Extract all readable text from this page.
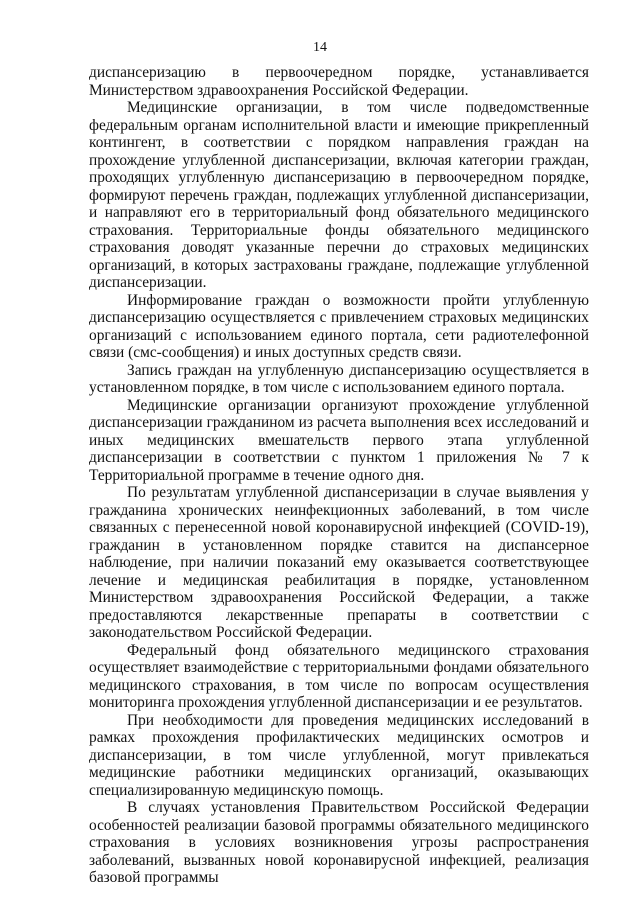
14

диспансеризацию в первоочередном порядке, устанавливается Министерством здравоохранения Российской Федерации.

Медицинские организации, в том числе подведомственные федеральным органам исполнительной власти и имеющие прикрепленный контингент, в соответствии с порядком направления граждан на прохождение углубленной диспансеризации, включая категории граждан, проходящих углубленную диспансеризацию в первоочередном порядке, формируют перечень граждан, подлежащих углубленной диспансеризации, и направляют его в территориальный фонд обязательного медицинского страхования. Территориальные фонды обязательного медицинского страхования доводят указанные перечни до страховых медицинских организаций, в которых застрахованы граждане, подлежащие углубленной диспансеризации.

Информирование граждан о возможности пройти углубленную диспансеризацию осуществляется с привлечением страховых медицинских организаций с использованием единого портала, сети радиотелефонной связи (смс-сообщения) и иных доступных средств связи.

Запись граждан на углубленную диспансеризацию осуществляется в установленном порядке, в том числе с использованием единого портала.

Медицинские организации организуют прохождение углубленной диспансеризации гражданином из расчета выполнения всех исследований и иных медицинских вмешательств первого этапа углубленной диспансеризации в соответствии с пунктом 1 приложения № 7 к Территориальной программе в течение одного дня.

По результатам углубленной диспансеризации в случае выявления у гражданина хронических неинфекционных заболеваний, в том числе связанных с перенесенной новой коронавирусной инфекцией (COVID-19), гражданин в установленном порядке ставится на диспансерное наблюдение, при наличии показаний ему оказывается соответствующее лечение и медицинская реабилитация в порядке, установленном Министерством здравоохранения Российской Федерации, а также предоставляются лекарственные препараты в соответствии с законодательством Российской Федерации.

Федеральный фонд обязательного медицинского страхования осуществляет взаимодействие с территориальными фондами обязательного медицинского страхования, в том числе по вопросам осуществления мониторинга прохождения углубленной диспансеризации и ее результатов.

При необходимости для проведения медицинских исследований в рамках прохождения профилактических медицинских осмотров и диспансеризации, в том числе углубленной, могут привлекаться медицинские работники медицинских организаций, оказывающих специализированную медицинскую помощь.

В случаях установления Правительством Российской Федерации особенностей реализации базовой программы обязательного медицинского страхования в условиях возникновения угрозы распространения заболеваний, вызванных новой коронавирусной инфекцией, реализация базовой программы
